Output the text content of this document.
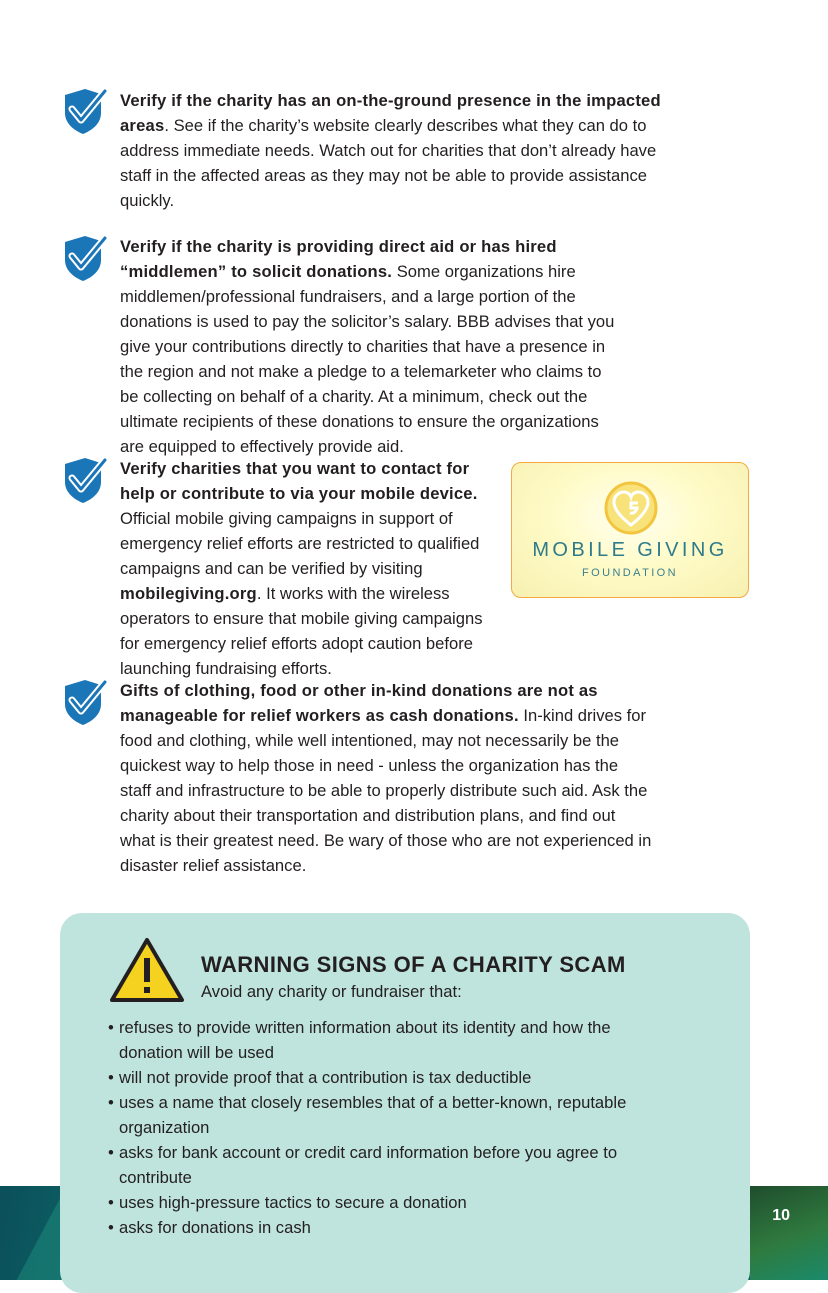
10

Verify if the charity has an on-the-ground presence in the impacted areas. See if the charity’s website clearly describes what they can do to address immediate needs. Watch out for charities that don’t already have staff in the affected areas as they may not be able to provide assistance quickly.

Verify if the charity is providing direct aid or has hired “middlemen” to solicit donations. Some organizations hire middlemen/professional fundraisers, and a large portion of the donations is used to pay the solicitor’s salary. BBB advises that you give your contributions directly to charities that have a presence in the region and not make a pledge to a telemarketer who claims to be collecting on behalf of a charity. At a minimum, check out the ultimate recipients of these donations to ensure the organizations are equipped to effectively provide aid.

Verify charities that you want to contact for help or contribute to via your mobile device. Official mobile giving campaigns in support of emergency relief efforts are restricted to qualified campaigns and can be verified by visiting mobilegiving.org. It works with the wireless operators to ensure that mobile giving campaigns for emergency relief efforts adopt caution before launching fundraising efforts.

MOBILE GIVING
FOUNDATION

Gifts of clothing, food or other in-kind donations are not as manageable for relief workers as cash donations. In-kind drives for food and clothing, while well intentioned, may not necessarily be the quickest way to help those in need - unless the organization has the staff and infrastructure to be able to properly distribute such aid. Ask the charity about their transportation and distribution plans, and find out what is their greatest need. Be wary of those who are not experienced in disaster relief assistance.

WARNING SIGNS OF A CHARITY SCAM
Avoid any charity or fundraiser that:
• refuses to provide written information about its identity and how the donation will be used
• will not provide proof that a contribution is tax deductible
• uses a name that closely resembles that of a better-known, reputable organization
• asks for bank account or credit card information before you agree to contribute
• uses high-pressure tactics to secure a donation
• asks for donations in cash
